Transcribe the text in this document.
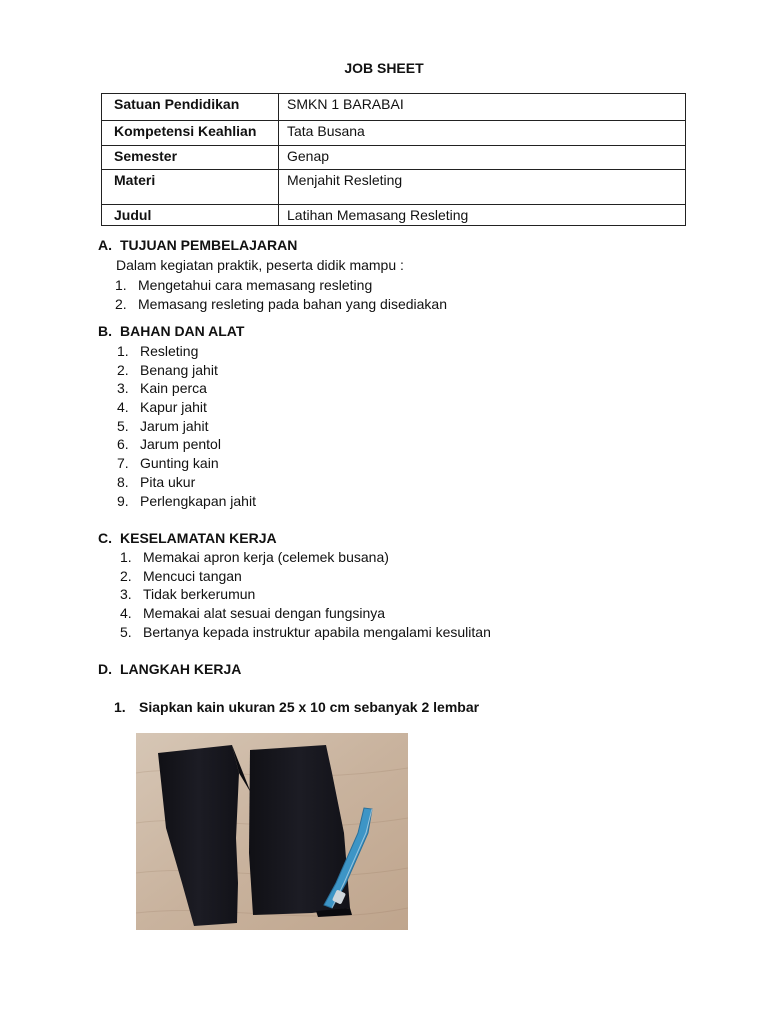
JOB SHEET
Satuan Pendidikan	SMKN 1 BARABAI
Kompetensi Keahlian	Tata Busana
Semester	Genap
Materi	Menjahit Resleting
Judul	Latihan Memasang Resleting
A. TUJUAN PEMBELAJARAN
Dalam kegiatan praktik, peserta didik mampu :
1. Mengetahui cara memasang resleting
2. Memasang resleting pada bahan yang disediakan
B. BAHAN DAN ALAT
1. Resleting
2. Benang jahit
3. Kain perca
4. Kapur jahit
5. Jarum jahit
6. Jarum pentol
7. Gunting kain
8. Pita ukur
9. Perlengkapan jahit
C. KESELAMATAN KERJA
1. Memakai apron kerja (celemek busana)
2. Mencuci tangan
3. Tidak berkerumun
4. Memakai alat sesuai dengan fungsinya
5. Bertanya kepada instruktur apabila mengalami kesulitan
D. LANGKAH KERJA
1. Siapkan kain ukuran 25 x 10 cm sebanyak 2 lembar
